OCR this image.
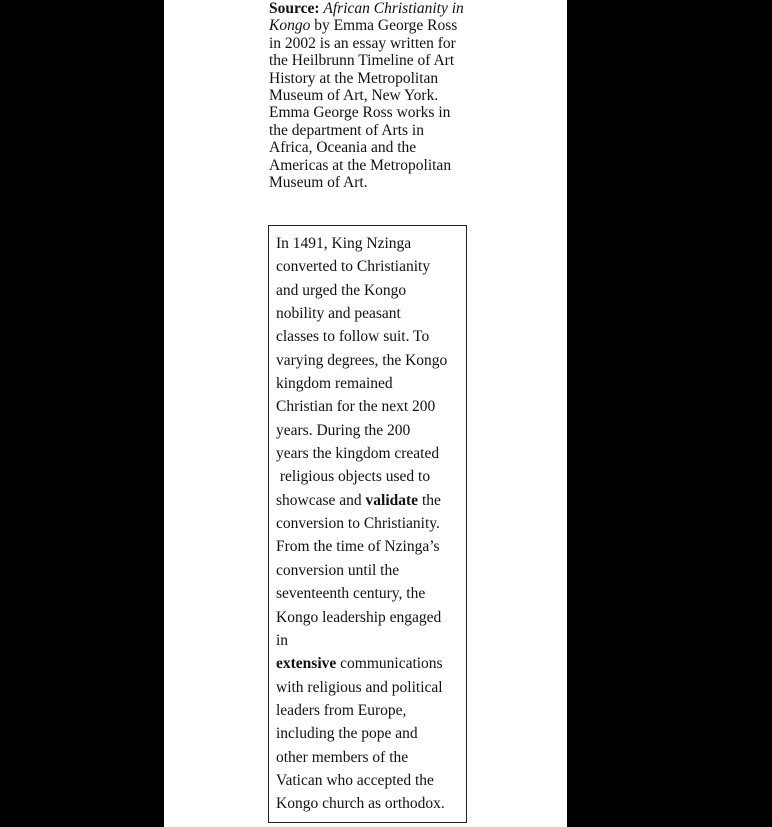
Source: African Christianity in Kongo by Emma George Ross in 2002 is an essay written for the Heilbrunn Timeline of Art History at the Metropolitan Museum of Art, New York. Emma George Ross works in the department of Arts in Africa, Oceania and the Americas at the Metropolitan Museum of Art.
In 1491, King Nzinga
converted to Christianity
and urged the Kongo
nobility and peasant
classes to follow suit. To
varying degrees, the Kongo
kingdom remained
Christian for the next 200
years. During the 200
years the kingdom created
religious objects used to
showcase and validate the
conversion to Christianity.
From the time of Nzinga’s
conversion until the
seventeenth century, the
Kongo leadership engaged
in
extensive communications
with religious and political
leaders from Europe,
including the pope and
other members of the
Vatican who accepted the
Kongo church as orthodox.
